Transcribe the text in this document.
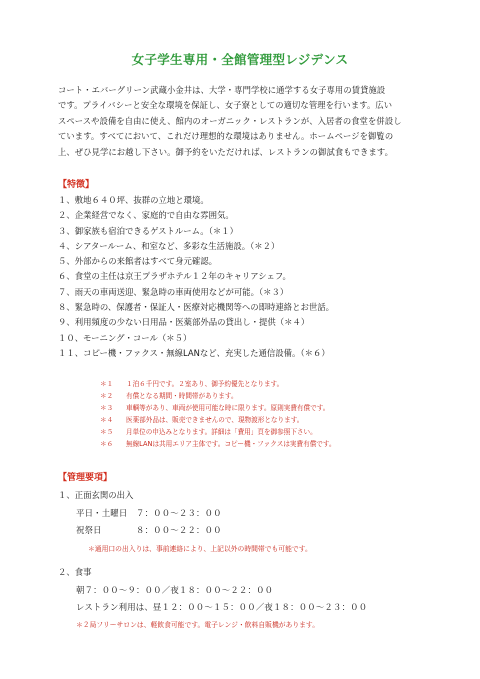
女子学生専用・全館管理型レジデンス
コート・エバーグリーン武蔵小金井は、大学・専門学校に通学する女子専用の賃貸施設
です。プライバシーと安全な環境を保証し、女子寮としての適切な管理を行います。広い
スペースや設備を自由に使え、館内のオーガニック・レストランが、入居者の食堂を併設し
ています。すべてにおいて、これだけ理想的な環境はありません。ホームページを御覧の
上、ぜひ見学にお越し下さい。御予約をいただければ、レストランの御試食もできます。
【特徴】
１、敷地６４０坪、抜群の立地と環境。
２、企業経営でなく、家庭的で自由な雰囲気。
３、御家族も宿泊できるゲストルーム。（＊１）
４、シアタールーム、和室など、多彩な生活施設。（＊２）
５、外部からの来館者はすべて身元確認。
６、食堂の主任は京王プラザホテル１２年のキャリアシェフ。
７、雨天の車両送迎、緊急時の車両使用などが可能。（＊３）
８、緊急時の、保護者・保証人・医療対応機関等への即時連絡とお世話。
９、利用頻度の少ない日用品・医薬部外品の貸出し・提供（＊４）
１０、モーニング・コール（＊５）
１１、コピー機・ファクス・無線LANなど、充実した通信設備。（＊６）
＊１ １泊６千円です。２室あり、御予約優先となります。
＊２ 有償となる期間・時間帯があります。
＊３ 車輌等があり、車両が使用可能な時に限ります。原則実費有償です。
＊４ 医薬部外品は、販売できませんので、現物渡形となります。
＊５ 月単位の申込みとなります。詳細は「費用」頁を御参照下さい。
＊６ 無線LANは共用エリア主体です。コピー機・ファクスは実費有償です。
【管理要項】
１、正面玄関の出入
平日・土曜日 ７：００〜２３：００
祝祭日	８：００〜２２：００
＊通用口の出入りは、事前連絡により、上記以外の時間帯でも可能です。
２、食事
朝７：００〜９：００／夜１８：００〜２２：００
レストラン利用は、昼１２：００〜１５：００／夜１８：００〜２３：００
＊２局フリーサロンは、軽飲食可能です。電子レンジ・飲料自販機があります。
